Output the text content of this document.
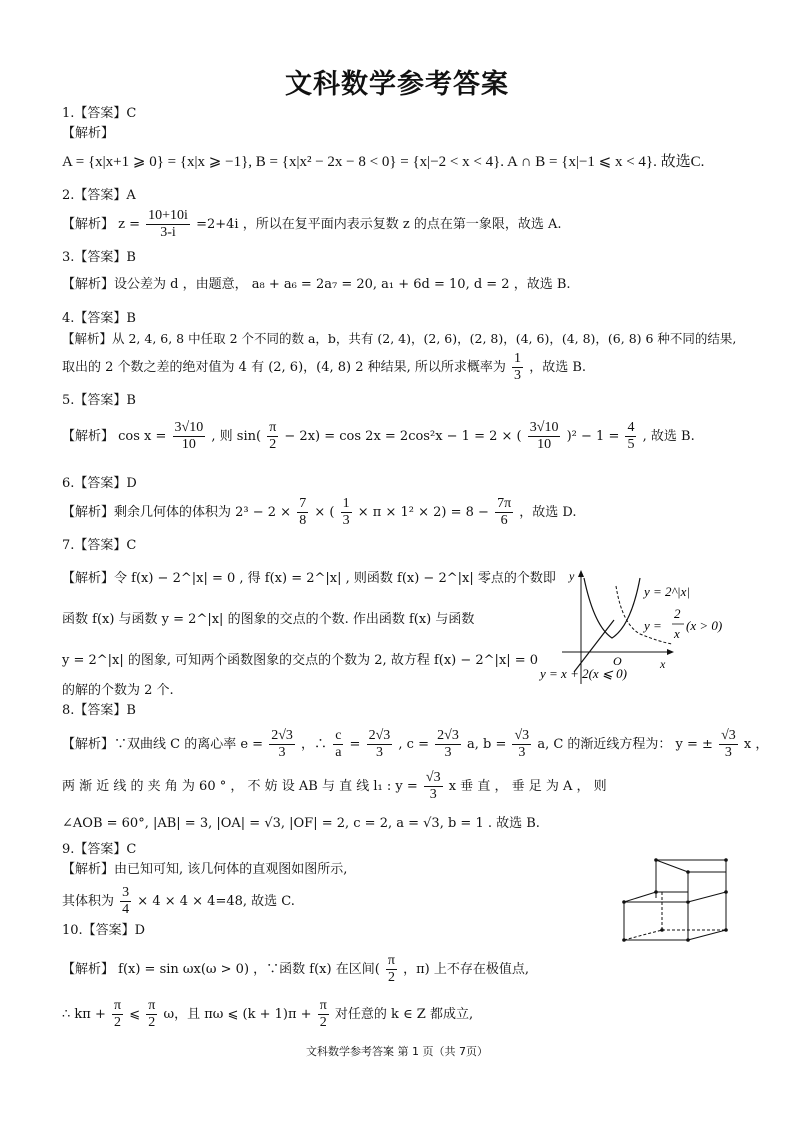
文科数学参考答案
1.【答案】C
【解析】
A = {x|x+1 ⩾ 0} = {x|x ⩾ −1}, B = {x|x² − 2x − 8 < 0} = {x|−2 < x < 4}. A ∩ B = {x|−1 ⩽ x < 4}. 故选C.
2.【答案】A
【解析】 $z = \frac{10+10i}{3-i} =2+4i$ ，所以在复平面内表示复数 z 的点在第一象限，故选 A.
3.【答案】B
【解析】设公差为 d ，由题意， a₈ + a₆ = 2a₇ = 20, a₁ + 6d = 10, d = 2 ，故选 B.
4.【答案】B
【解析】从 2, 4, 6, 8 中任取 2 个不同的数 a，b，共有 (2, 4)，(2, 6)，(2, 8)，(4, 6)，(4, 8)，(6, 8) 6 种不同的结果,
取出的 2 个数之差的绝对值为 4 有 (2, 6)，(4, 8) 2 种结果, 所以所求概率为 $\frac{1}{3}$ ，故选 B.
5.【答案】B
【解析】 $\cos x = \frac{3√10}{10}$ , 则 $\sin( \frac{\pi}{2} - 2x) = \cos 2x = 2\cos^2x - 1 = 2$ × ( $\frac{3√10}{10} )^2 - 1 = \frac{4}{5}$ , 故选 B.
6.【答案】D
【解析】剩余几何体的体积为 $2^3 - 2 \times \frac{7}{8}$ × ( $\frac{1}{3} \times \pi \times 1^2 \times 2) = 8 - \frac{7\pi}{6}$ ，故选 D.
7.【答案】C
【解析】令 f(x) − 2^|x| = 0 , 得 f(x) = 2^|x| , 则函数 f(x) − 2^|x| 零点的个数即
函数 f(x) 与函数 y = 2^|x| 的图象的交点的个数. 作出函数 f(x) 与函数
y = 2^|x| 的图象, 可知两个函数图象的交点的个数为 2, 故方程 f(x) − 2^|x| = 0
的解的个数为 2 个.
y
x
O
y = 2^|x|
y =
2
x
(x > 0)
y = x + 2(x ⩽ 0)
8.【答案】B
【解析】∵双曲线 C 的离心率 $e = \frac{2√3}{3}$ ，∴ $\frac{c}{a} = \frac{2√3}{3}$ , $c = \frac{2√3}{3} a$, $b = \frac{√3}{3} a$, C 的渐近线方程为： y = ± $\frac{√3}{3}$ x ，
两 渐 近 线 的 夹 角 为 60 ° ， 不 妨 设 AB 与 直 线 l₁ : $y = \frac{√3}{3}$ x 垂 直 ， 垂 足 为 A ， 则
∠AOB = 60°, |AB| = 3, |OA| = √3, |OF| = 2, c = 2, a = √3, b = 1 . 故选 B.
9.【答案】C
【解析】由已知可知, 该几何体的直观图如图所示,
其体积为 $\frac{3}{4} \times 4 \times 4 \times 4=48$, 故选 C.
10.【答案】D
【解析】 f(x) = sin ωx(ω > 0) ，∵函数 f(x) 在区间( $\frac{\pi}{2}$ ，π) 上不存在极值点,
∴ $k\pi + \frac{\pi}{2}$ ⩽ $\frac{\pi}{2}$ ω，且 πω ⩽ $(k + 1)\pi + \frac{\pi}{2}$ 对任意的 k ∈ Z 都成立,
文科数学参考答案 第 1 页（共 7页）
